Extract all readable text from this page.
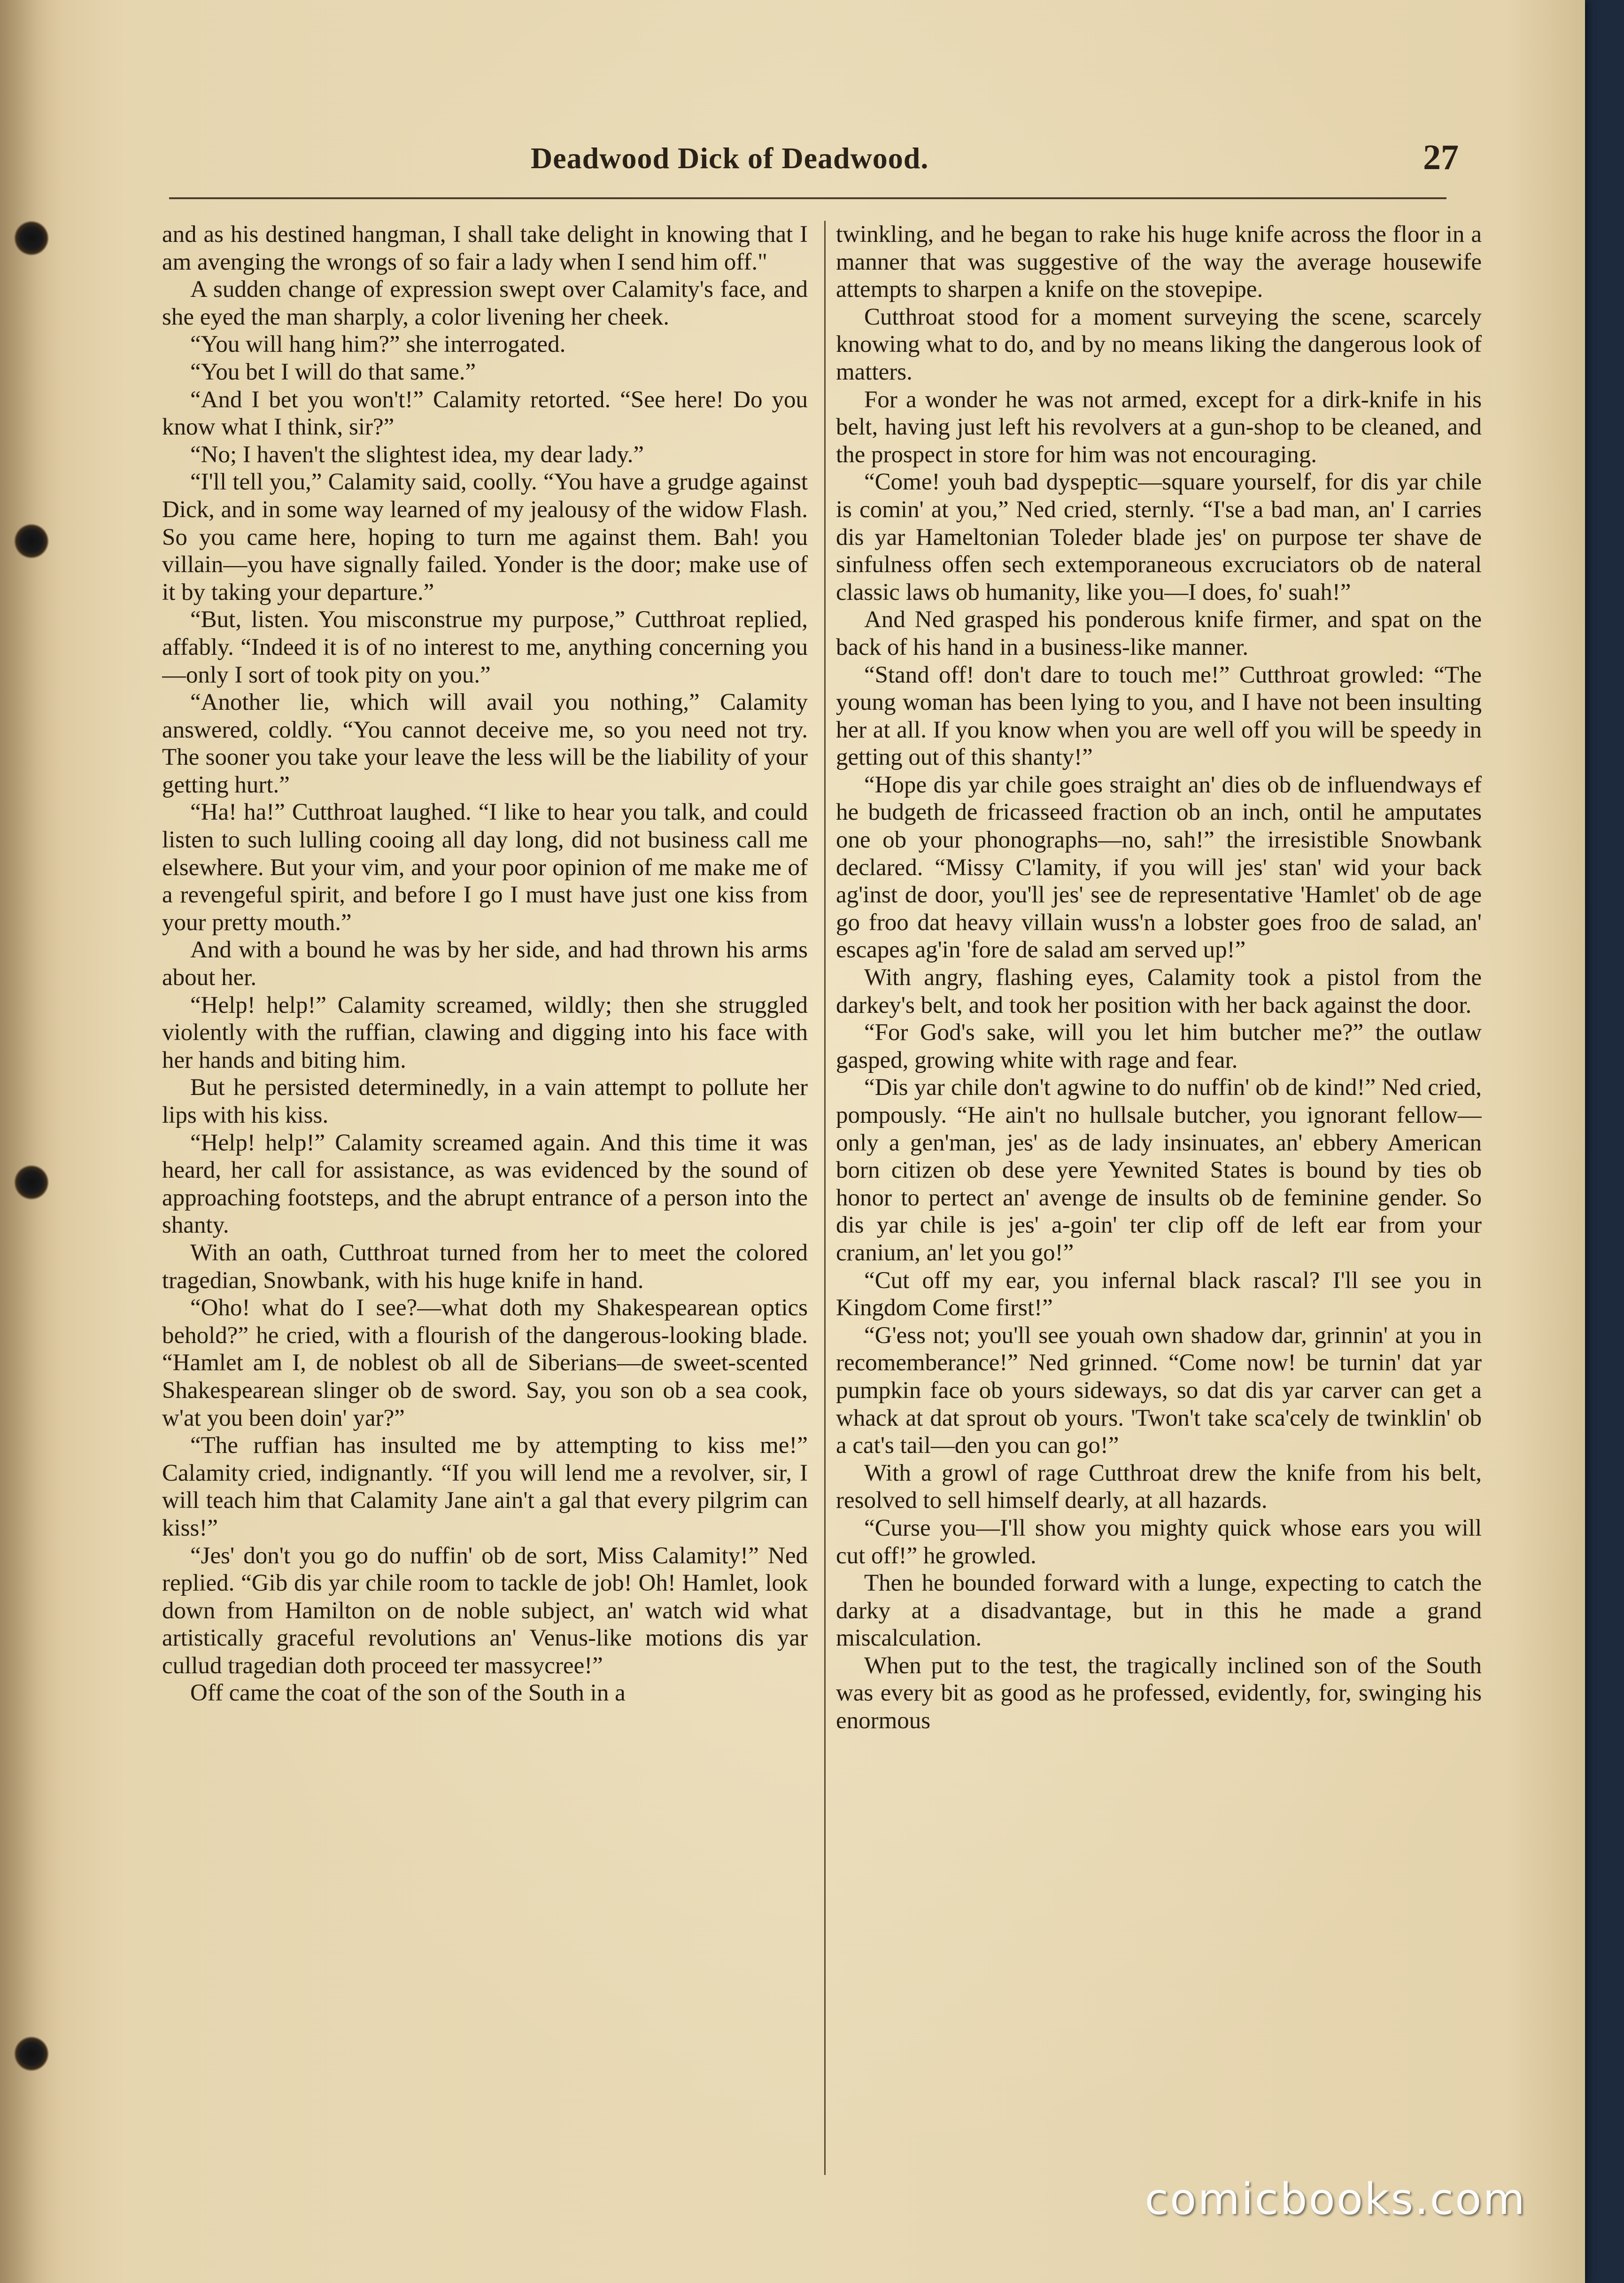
Deadwood Dick of Deadwood.	27

and as his destined hangman, I shall take delight in knowing that I am avenging the wrongs of so fair a lady when I send him off."

A sudden change of expression swept over Calamity's face, and she eyed the man sharply, a color livening her cheek.

“You will hang him?” she interrogated.

“You bet I will do that same.”

“And I bet you won't!” Calamity retorted. “See here! Do you know what I think, sir?”

“No; I haven't the slightest idea, my dear lady.”

“I'll tell you,” Calamity said, coolly. “You have a grudge against Dick, and in some way learned of my jealousy of the widow Flash. So you came here, hoping to turn me against them. Bah! you villain—you have signally failed. Yonder is the door; make use of it by taking your departure.”

“But, listen. You misconstrue my purpose,” Cutthroat replied, affably. “Indeed it is of no interest to me, anything concerning you—only I sort of took pity on you.”

“Another lie, which will avail you nothing,” Calamity answered, coldly. “You cannot deceive me, so you need not try. The sooner you take your leave the less will be the liability of your getting hurt.”

“Ha! ha!” Cutthroat laughed. “I like to hear you talk, and could listen to such lulling cooing all day long, did not business call me elsewhere. But your vim, and your poor opinion of me make me of a revengeful spirit, and before I go I must have just one kiss from your pretty mouth.”

And with a bound he was by her side, and had thrown his arms about her.

“Help! help!” Calamity screamed, wildly; then she struggled violently with the ruffian, clawing and digging into his face with her hands and biting him.

But he persisted determinedly, in a vain attempt to pollute her lips with his kiss.

“Help! help!” Calamity screamed again. And this time it was heard, her call for assistance, as was evidenced by the sound of approaching footsteps, and the abrupt entrance of a person into the shanty.

With an oath, Cutthroat turned from her to meet the colored tragedian, Snowbank, with his huge knife in hand.

“Oho! what do I see?—what doth my Shakespearean optics behold?” he cried, with a flourish of the dangerous-looking blade. “Hamlet am I, de noblest ob all de Siberians—de sweet-scented Shakespearean slinger ob de sword. Say, you son ob a sea cook, w'at you been doin' yar?”

“The ruffian has insulted me by attempting to kiss me!” Calamity cried, indignantly. “If you will lend me a revolver, sir, I will teach him that Calamity Jane ain't a gal that every pilgrim can kiss!”

“Jes' don't you go do nuffin' ob de sort, Miss Calamity!” Ned replied. “Gib dis yar chile room to tackle de job! Oh! Hamlet, look down from Hamilton on de noble subject, an' watch wid what artistically graceful revolutions an' Venus-like motions dis yar cullud tragedian doth proceed ter massycree!”

Off came the coat of the son of the South in a

twinkling, and he began to rake his huge knife across the floor in a manner that was suggestive of the way the average housewife attempts to sharpen a knife on the stovepipe.

Cutthroat stood for a moment surveying the scene, scarcely knowing what to do, and by no means liking the dangerous look of matters.

For a wonder he was not armed, except for a dirk-knife in his belt, having just left his revolvers at a gun-shop to be cleaned, and the prospect in store for him was not encouraging.

“Come! youh bad dyspeptic—square yourself, for dis yar chile is comin' at you,” Ned cried, sternly. “I'se a bad man, an' I carries dis yar Hameltonian Toleder blade jes' on purpose ter shave de sinfulness offen sech extemporaneous excruciators ob de nateral classic laws ob humanity, like you—I does, fo' suah!”

And Ned grasped his ponderous knife firmer, and spat on the back of his hand in a business-like manner.

“Stand off! don't dare to touch me!” Cutthroat growled: “The young woman has been lying to you, and I have not been insulting her at all. If you know when you are well off you will be speedy in getting out of this shanty!”

“Hope dis yar chile goes straight an' dies ob de influendways ef he budgeth de fricasseed fraction ob an inch, ontil he amputates one ob your phonographs—no, sah!” the irresistible Snowbank declared. “Missy C'lamity, if you will jes' stan' wid your back ag'inst de door, you'll jes' see de representative 'Hamlet' ob de age go froo dat heavy villain wuss'n a lobster goes froo de salad, an' escapes ag'in 'fore de salad am served up!”

With angry, flashing eyes, Calamity took a pistol from the darkey's belt, and took her position with her back against the door.

“For God's sake, will you let him butcher me?” the outlaw gasped, growing white with rage and fear.

“Dis yar chile don't agwine to do nuffin' ob de kind!” Ned cried, pompously. “He ain't no hullsale butcher, you ignorant fellow—only a gen'man, jes' as de lady insinuates, an' ebbery American born citizen ob dese yere Yewnited States is bound by ties ob honor to pertect an' avenge de insults ob de feminine gender. So dis yar chile is jes' a-goin' ter clip off de left ear from your cranium, an' let you go!”

“Cut off my ear, you infernal black rascal? I'll see you in Kingdom Come first!”

“G'ess not; you'll see youah own shadow dar, grinnin' at you in recomemberance!” Ned grinned. “Come now! be turnin' dat yar pumpkin face ob yours sideways, so dat dis yar carver can get a whack at dat sprout ob yours. 'Twon't take sca'cely de twinklin' ob a cat's tail—den you can go!”

With a growl of rage Cutthroat drew the knife from his belt, resolved to sell himself dearly, at all hazards.

“Curse you—I'll show you mighty quick whose ears you will cut off!” he growled.

Then he bounded forward with a lunge, expecting to catch the darky at a disadvantage, but in this he made a grand miscalculation.

When put to the test, the tragically inclined son of the South was every bit as good as he professed, evidently, for, swinging his enormous

comicbooks.com
